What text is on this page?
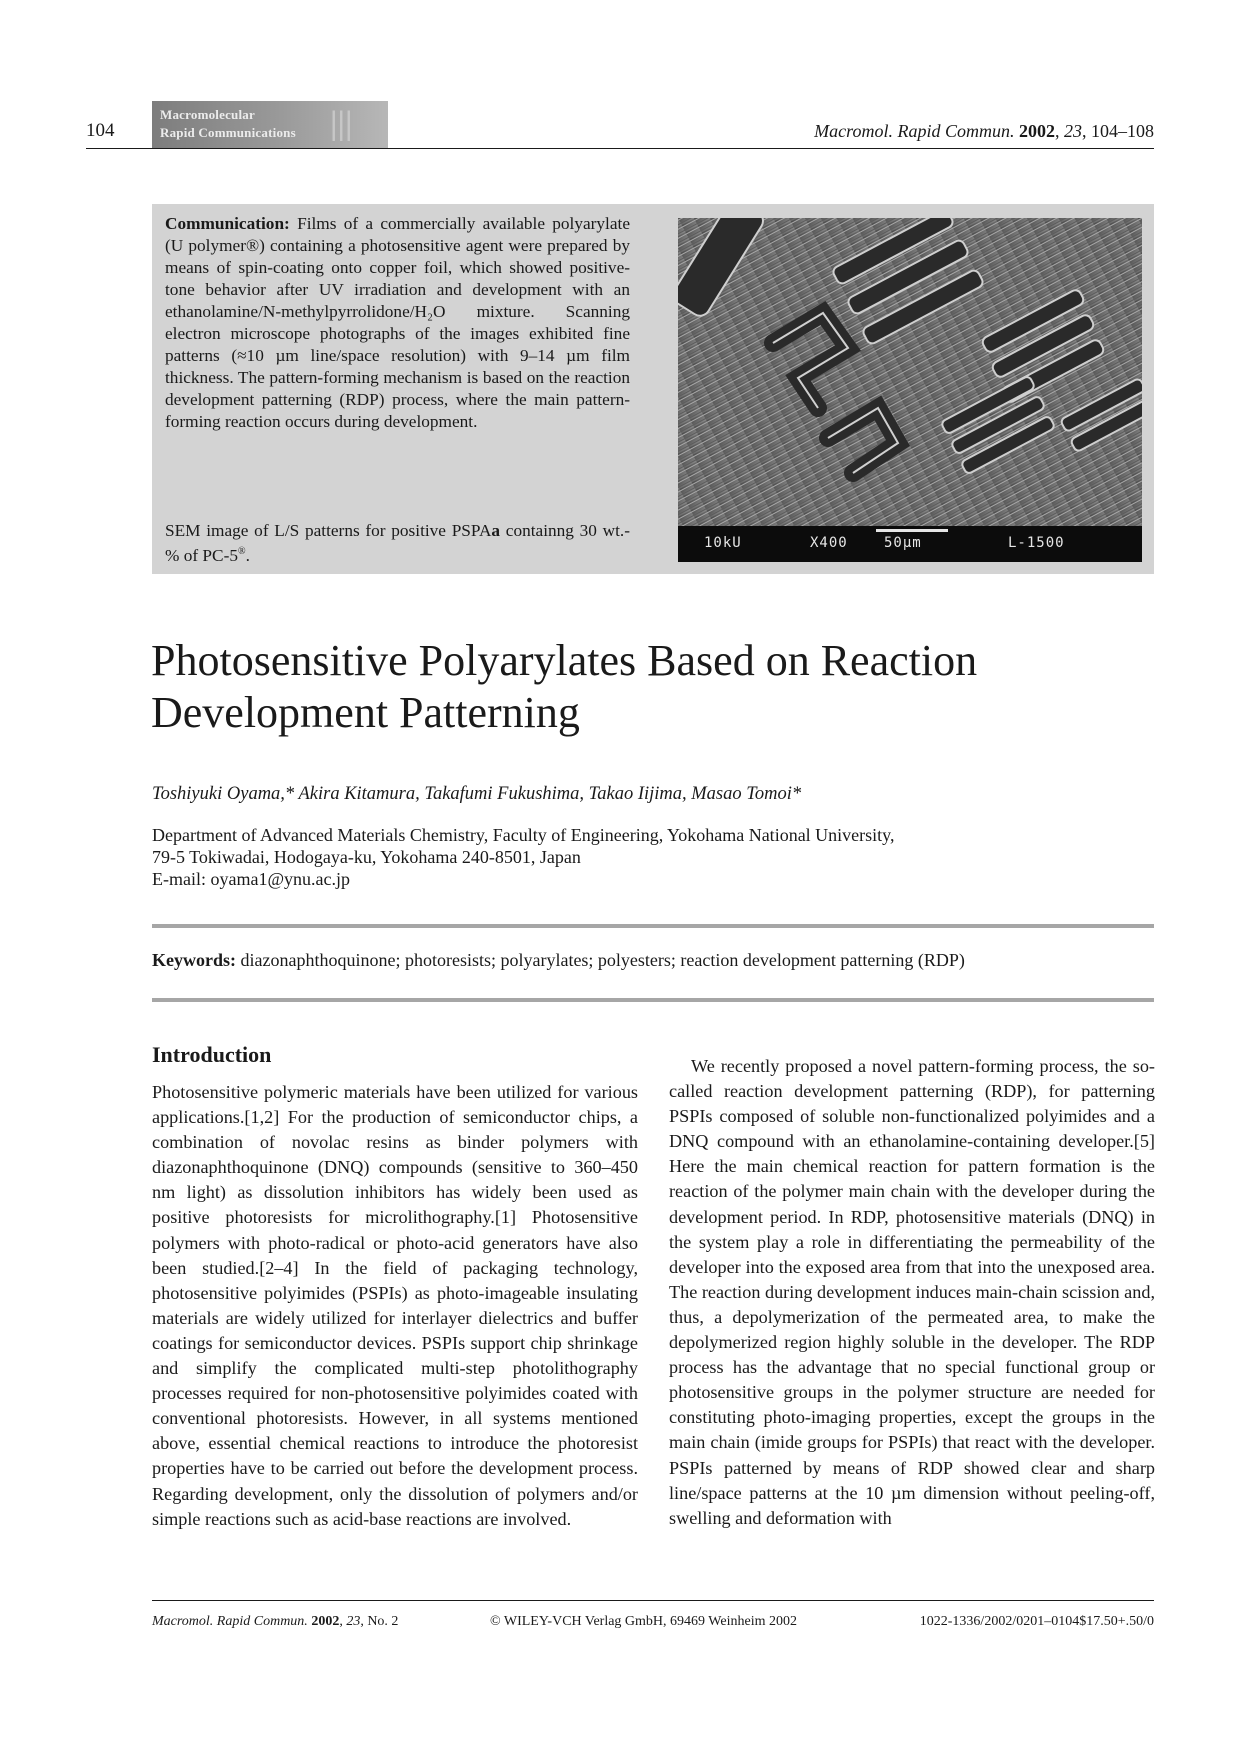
104
Macromolecular
Rapid Communications |||	Macromol. Rapid Commun. 2002, 23, 104–108
Communication: Films of a commercially available polyarylate (U polymer®) containing a photosensitive agent were prepared by means of spin-coating onto copper foil, which showed positive-tone behavior after UV irradiation and development with an ethanolamine/N-methylpyrrolidone/H₂O mixture. Scanning electron microscope photographs of the images exhibited fine patterns (≈10 µm line/space resolution) with 9–14 µm film thickness. The pattern-forming mechanism is based on the reaction development patterning (RDP) process, where the main pattern-forming reaction occurs during development.
SEM image of L/S patterns for positive PSPAa containng 30 wt.-% of PC-5®.
10kU	X400	50µm	L-1500
Photosensitive Polyarylates Based on Reaction Development Patterning
Toshiyuki Oyama,* Akira Kitamura, Takafumi Fukushima, Takao Iijima, Masao Tomoi*
Department of Advanced Materials Chemistry, Faculty of Engineering, Yokohama National University,
79-5 Tokiwadai, Hodogaya-ku, Yokohama 240-8501, Japan
E-mail: oyama1@ynu.ac.jp
Keywords: diazonaphthoquinone; photoresists; polyarylates; polyesters; reaction development patterning (RDP)
Introduction

Photosensitive polymeric materials have been utilized for various applications.[1,2] For the production of semiconductor chips, a combination of novolac resins as binder polymers with diazonaphthoquinone (DNQ) compounds (sensitive to 360–450 nm light) as dissolution inhibitors has widely been used as positive photoresists for microlithography.[1] Photosensitive polymers with photo-radical or photo-acid generators have also been studied.[2–4] In the field of packaging technology, photosensitive polyimides (PSPIs) as photo-imageable insulating materials are widely utilized for interlayer dielectrics and buffer coatings for semiconductor devices. PSPIs support chip shrinkage and simplify the complicated multi-step photolithography processes required for non-photosensitive polyimides coated with conventional photoresists. However, in all systems mentioned above, essential chemical reactions to introduce the photoresist properties have to be carried out before the development process. Regarding development, only the dissolution of polymers and/or simple reactions such as acid-base reactions are involved.

We recently proposed a novel pattern-forming process, the so-called reaction development patterning (RDP), for patterning PSPIs composed of soluble non-functionalized polyimides and a DNQ compound with an ethanolamine-containing developer.[5] Here the main chemical reaction for pattern formation is the reaction of the polymer main chain with the developer during the development period. In RDP, photosensitive materials (DNQ) in the system play a role in differentiating the permeability of the developer into the exposed area from that into the unexposed area. The reaction during development induces main-chain scission and, thus, a depolymerization of the permeated area, to make the depolymerized region highly soluble in the developer. The RDP process has the advantage that no special functional group or photosensitive groups in the polymer structure are needed for constituting photo-imaging properties, except the groups in the main chain (imide groups for PSPIs) that react with the developer. PSPIs patterned by means of RDP showed clear and sharp line/space patterns at the 10 µm dimension without peeling-off, swelling and deformation with

Macromol. Rapid Commun. 2002, 23, No. 2	© WILEY-VCH Verlag GmbH, 69469 Weinheim 2002	1022-1336/2002/0201–0104$17.50+.50/0
